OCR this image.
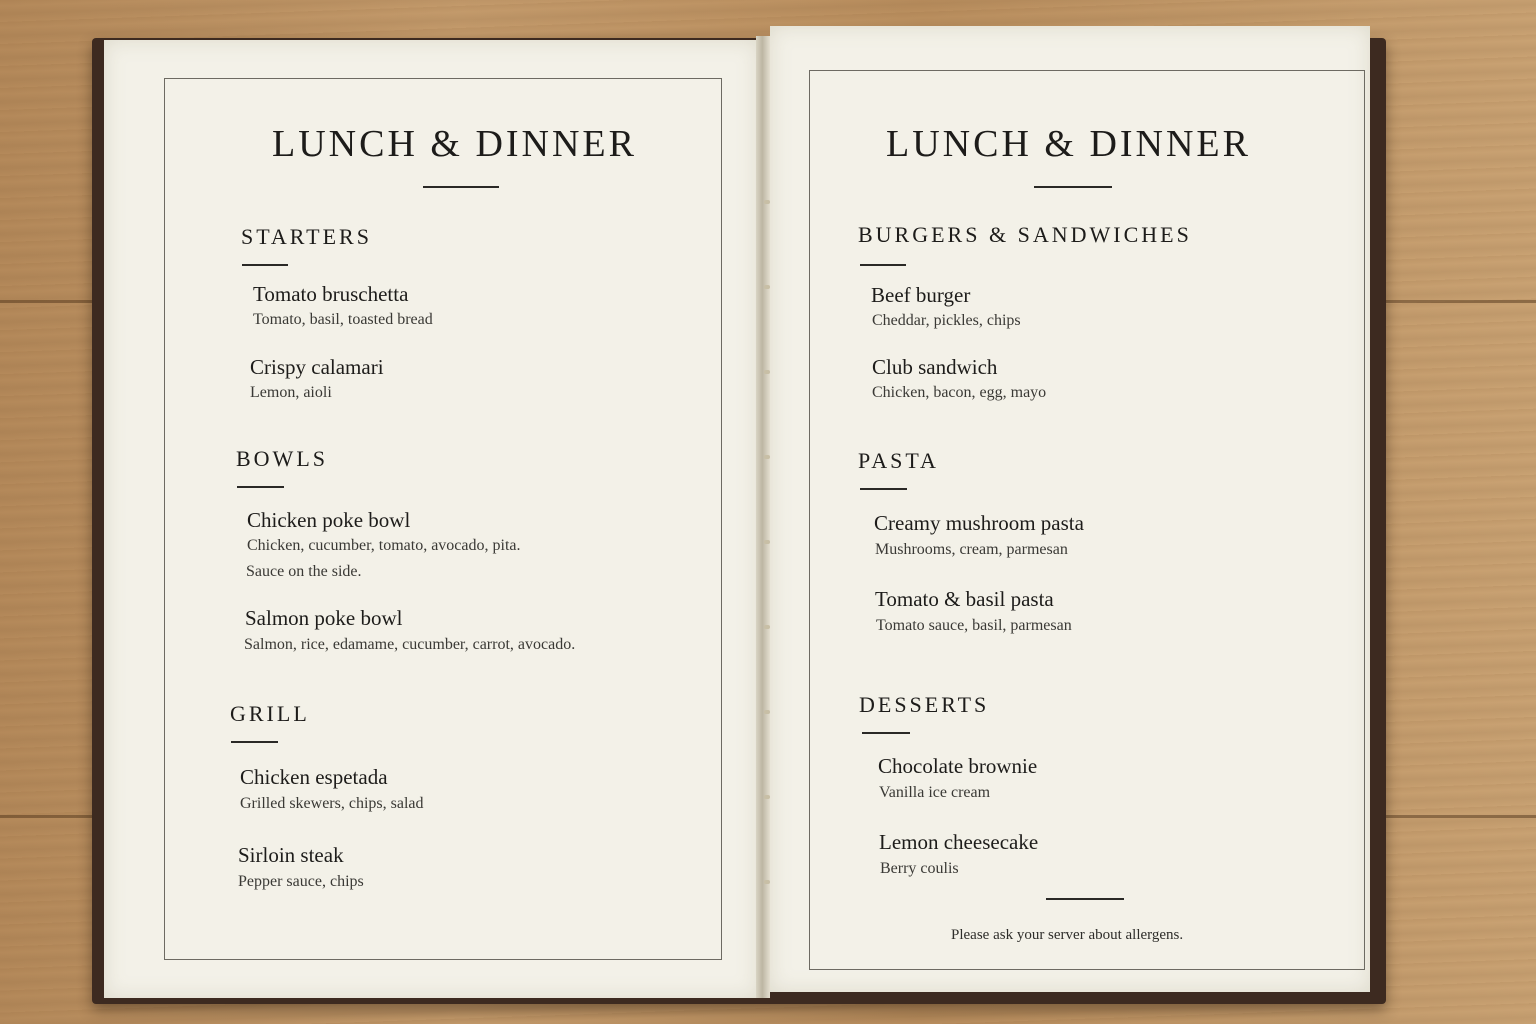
LUNCH & DINNER
STARTERS
Tomato bruschetta
Tomato, basil, toasted bread
Crispy calamari
Lemon, aioli
BOWLS
Chicken poke bowl
Chicken, cucumber, tomato, avocado, pita.
Sauce on the side.
Salmon poke bowl
Salmon, rice, edamame, cucumber, carrot, avocado.
GRILL
Chicken espetada
Grilled skewers, chips, salad
Sirloin steak
Pepper sauce, chips
LUNCH & DINNER
BURGERS & SANDWICHES
Beef burger
Cheddar, pickles, chips
Club sandwich
Chicken, bacon, egg, mayo
PASTA
Creamy mushroom pasta
Mushrooms, cream, parmesan
Tomato & basil pasta
Tomato sauce, basil, parmesan
DESSERTS
Chocolate brownie
Vanilla ice cream
Lemon cheesecake
Berry coulis
Please ask your server about allergens.
